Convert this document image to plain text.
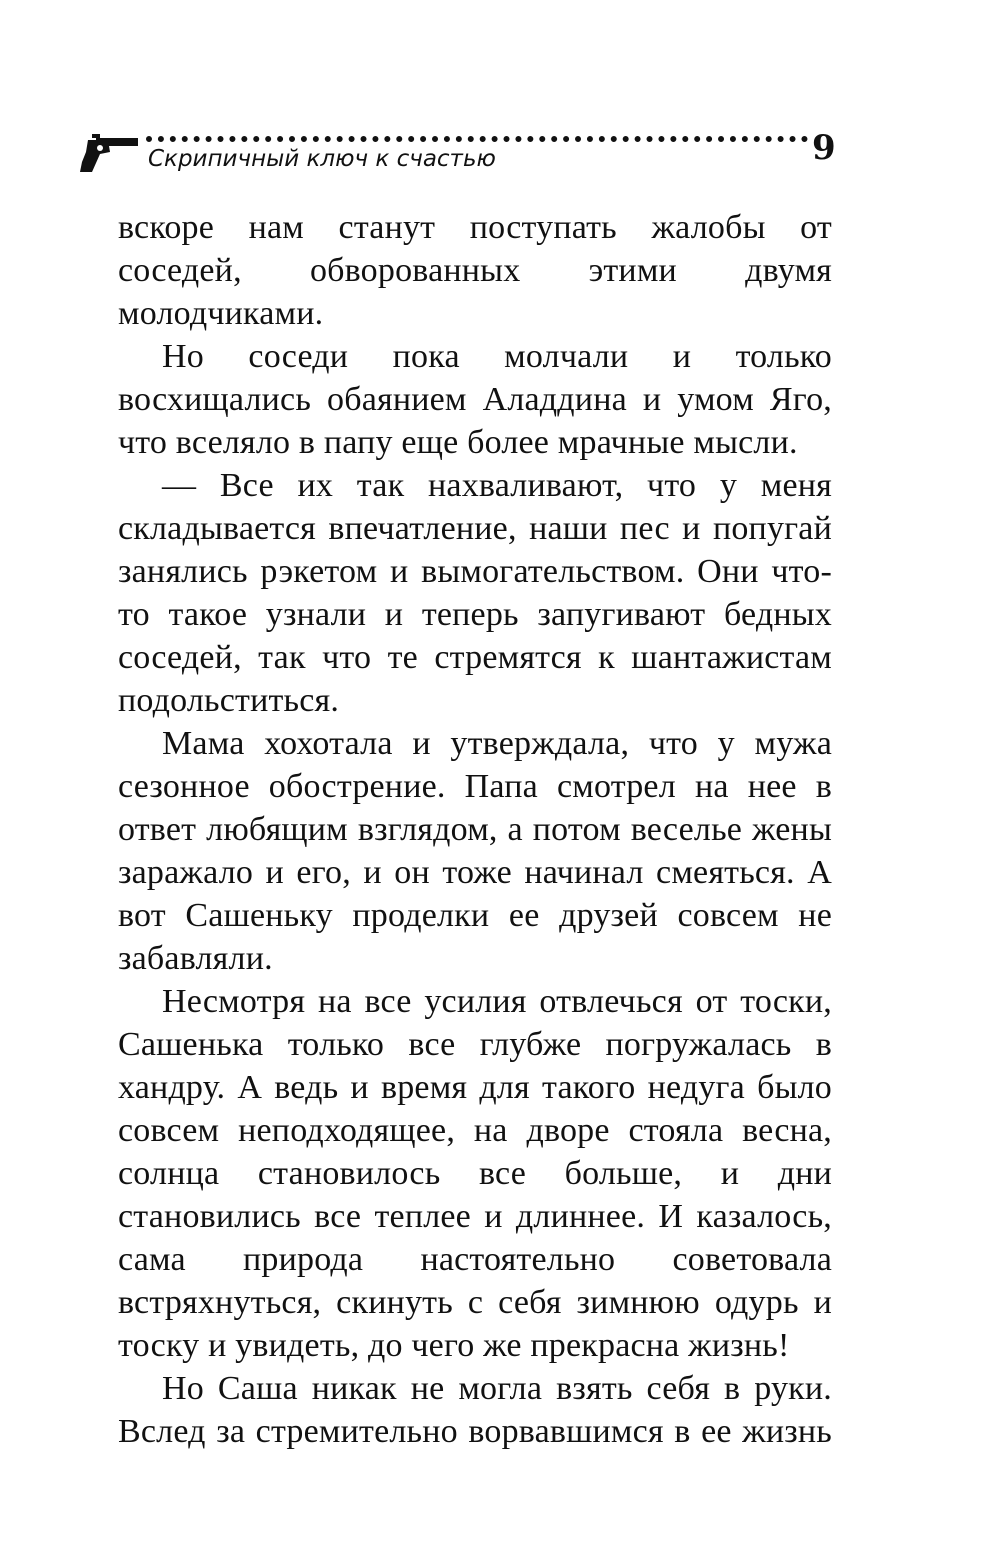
Скрипичный ключ к счастью	9

вскоре нам станут поступать жалобы от соседей, обворованных этими двумя молодчиками.

Но соседи пока молчали и только восхищались обаянием Аладдина и умом Яго, что вселяло в папу еще более мрачные мысли.

— Все их так нахваливают, что у меня складывается впечатление, наши пес и попугай занялись рэкетом и вымогательством. Они что-то такое узнали и теперь запугивают бедных соседей, так что те стремятся к шантажистам подольститься.

Мама хохотала и утверждала, что у мужа сезонное обострение. Папа смотрел на нее в ответ любящим взглядом, а потом веселье жены заражало и его, и он тоже начинал смеяться. А вот Сашеньку проделки ее друзей совсем не забавляли.

Несмотря на все усилия отвлечься от тоски, Сашенька только все глубже погружалась в хандру. А ведь и время для такого недуга было совсем неподходящее, на дворе стояла весна, солнца становилось все больше, и дни становились все теплее и длиннее. И казалось, сама природа настоятельно советовала встряхнуться, скинуть с себя зимнюю одурь и тоску и увидеть, до чего же прекрасна жизнь!

Но Саша никак не могла взять себя в руки. Вслед за стремительно ворвавшимся в ее жизнь
